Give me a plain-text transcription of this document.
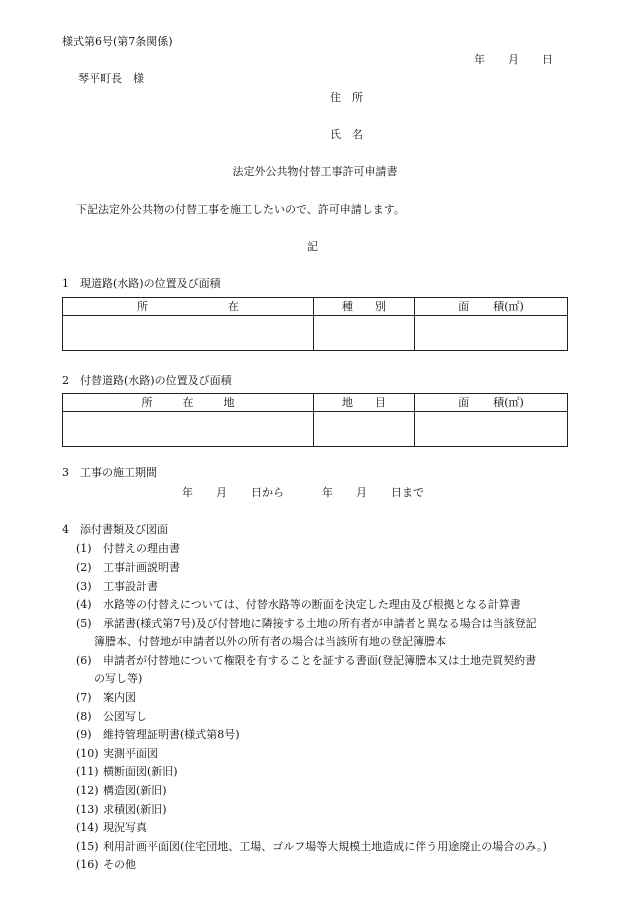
様式第6号(第7条関係)
年 月 日
琴平町長　様
住　所
氏　名
法定外公共物付替工事許可申請書
下記法定外公共物の付替工事を施工したいので、許可申請します。
記
1　現道路(水路)の位置及び面積
所 在	種 別	面 積(㎡)

2　付替道路(水路)の位置及び面積
所 在 地	地 目	面 積(㎡)

3　工事の施工期間
年 月 日から	年 月 日まで
4　添付書類及び図面
(1) 付替えの理由書
(2) 工事計画説明書
(3) 工事設計書
(4) 水路等の付替えについては、付替水路等の断面を決定した理由及び根拠となる計算書
(5) 承諾書(様式第7号)及び付替地に隣接する土地の所有者が申請者と異なる場合は当該登記
簿謄本、付替地が申請者以外の所有者の場合は当該所有地の登記簿謄本
(6) 申請者が付替地について権限を有することを証する書面(登記簿謄本又は土地売買契約書
の写し等)
(7) 案内図
(8) 公図写し
(9) 維持管理証明書(様式第8号)
(10) 実測平面図
(11) 横断面図(新旧)
(12) 構造図(新旧)
(13) 求積図(新旧)
(14) 現況写真
(15) 利用計画平面図(住宅団地、工場、ゴルフ場等大規模土地造成に伴う用途廃止の場合のみ。)
(16) その他
